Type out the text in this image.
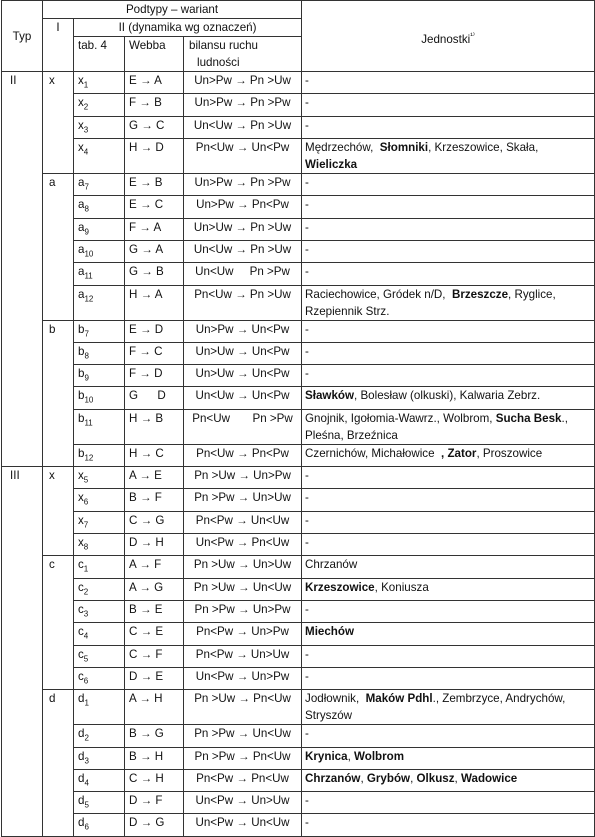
Typ	Podtypy – wariant				Jednostki$^{^{1)}}$

	I	II (dynamika wg oznaczeń)			
		tab. 4	Webba	bilansu ruchu
ludności	

II	x	$x_1$	E → A	Un>Pw → Pn >Uw	-
		$x_2$	F → B	Un>Pw → Pn >Pw	-
		$x_3$	G → C	Un<Uw → Pn >Uw	-
		$x_4$	H → D	Pn<Uw → Un<Pw	Mędrzechów,  Słomniki, Krzeszowice, Skała, Wieliczka
	a	$a_7$	E → B	Un>Pw → Pn >Pw	-
		$a_8$	E → C	Un>Pw → Pn<Pw	-
		$a_9$	F → A	Un>Uw → Pn >Uw	-
		$a_{10}$	G → A	Un<Uw → Pn >Uw	-
		$a_{11}$	G → B	Un<Uw     Pn >Pw	-
		$a_{12}$	H → A	Pn<Uw → Pn >Uw	Raciechowice, Gródek n/D,  Brzeszcze, Ryglice, Rzepiennik Strz.
	b	$b_7$	E → D	Un>Pw → Un<Pw	-
		$b_8$	F → C	Un>Uw → Un<Pw	-
		$b_9$	F → D	Un>Uw → Un<Pw	-
		$b_{10}$	G      D	Un<Uw → Un<Pw	Sławków, Bolesław (olkuski), Kalwaria Zebrz.
		$b_{11}$	H → B	Pn<Uw       Pn >Pw	Gnojnik, Igołomia-Wawrz., Wolbrom, Sucha Besk., Pleśna, Brzeźnica
		$b_{12}$	H → C	Pn<Uw → Pn<Pw	Czernichów, Michałowice  , Zator, Proszowice
III	x	$x_5$	A → E	Pn >Uw → Un>Pw	-
		$x_6$	B → F	Pn >Pw → Un>Uw	-
		$x_7$	C → G	Pn<Pw → Un<Uw	-
		$x_8$	D → H	Un<Pw → Pn<Uw	-
	c	$c_1$	A → F	Pn >Uw → Un>Uw	Chrzanów
		$c_2$	A → G	Pn >Uw → Un<Uw	Krzeszowice, Koniusza
		$c_3$	B → E	Pn >Pw → Un>Pw	-
		$c_4$	C → E	Pn<Pw → Un>Pw	Miechów
		$c_5$	C → F	Pn<Pw → Un>Uw	-
		$c_6$	D → E	Un<Pw → Un>Pw	-
	d	$d_1$	A → H	Pn >Uw → Pn<Uw	Jodłownik,  Maków Pdhl., Zembrzyce, Andrychów, Stryszów
		$d_2$	B → G	Pn >Pw → Un<Uw	-
		$d_3$	B → H	Pn >Pw → Pn<Uw	Krynica, Wolbrom
		$d_4$	C → H	Pn<Pw → Pn<Uw	Chrzanów, Grybów, Olkusz, Wadowice
		$d_5$	D → F	Un<Pw → Un>Uw	-
		$d_6$	D → G	Un<Pw → Un<Uw	-
